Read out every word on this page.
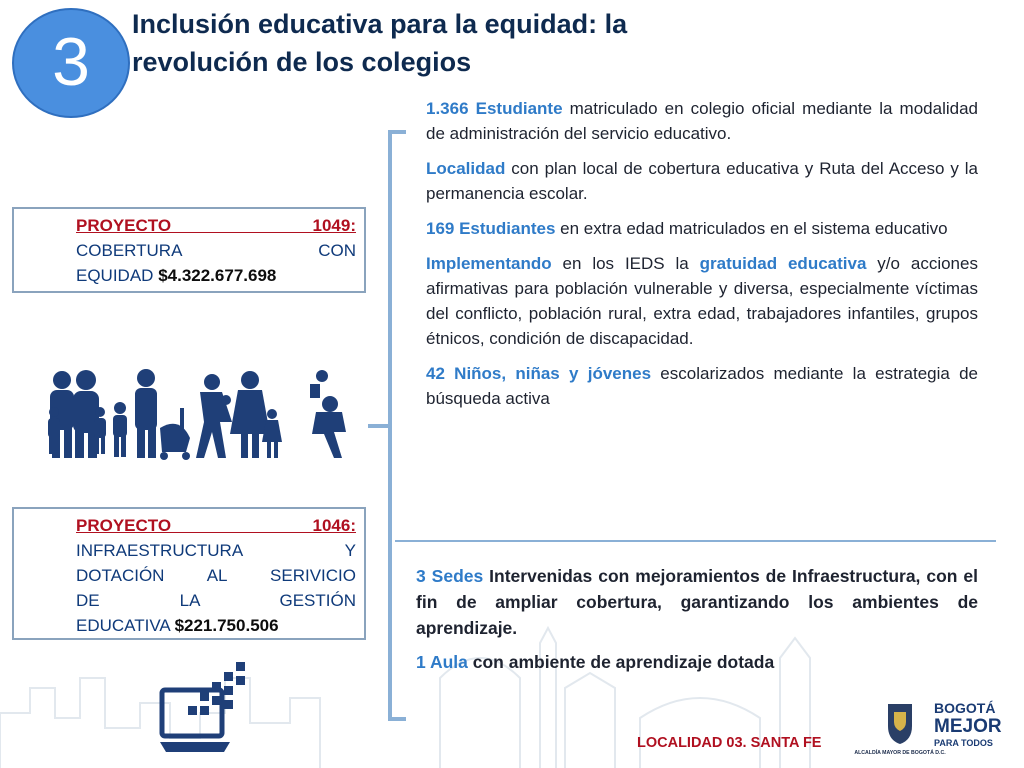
3	Inclusión educativa para la equidad: la
revolución de los colegios
PROYECTO 1049:
COBERTURA CON
EQUIDAD $4.322.677.698
PROYECTO 1046:
INFRAESTRUCTURA Y
DOTACIÓN AL SERIVICIO
DE LA GESTIÓN
EDUCATIVA $221.750.506

1.366 Estudiante matriculado en colegio oficial mediante la modalidad de administración del servicio educativo.

Localidad con plan local de cobertura educativa y Ruta del Acceso y la permanencia escolar.

169 Estudiantes en extra edad matriculados en el sistema educativo

Implementando en los IEDS la gratuidad educativa y/o acciones afirmativas para población vulnerable y diversa, especialmente víctimas del conflicto, población rural, extra edad, trabajadores infantiles, grupos étnicos, condición de discapacidad.

42 Niños, niñas y jóvenes escolarizados mediante la estrategia de búsqueda activa

3 Sedes Intervenidas con mejoramientos de Infraestructura, con el fin de ampliar cobertura, garantizando los ambientes de aprendizaje.

1 Aula con ambiente de aprendizaje dotada

LOCALIDAD 03. SANTA FE
ALCALDÍA MAYOR DE BOGOTÁ D.C.
BOGOTÁ
MEJOR
PARA TODOS
